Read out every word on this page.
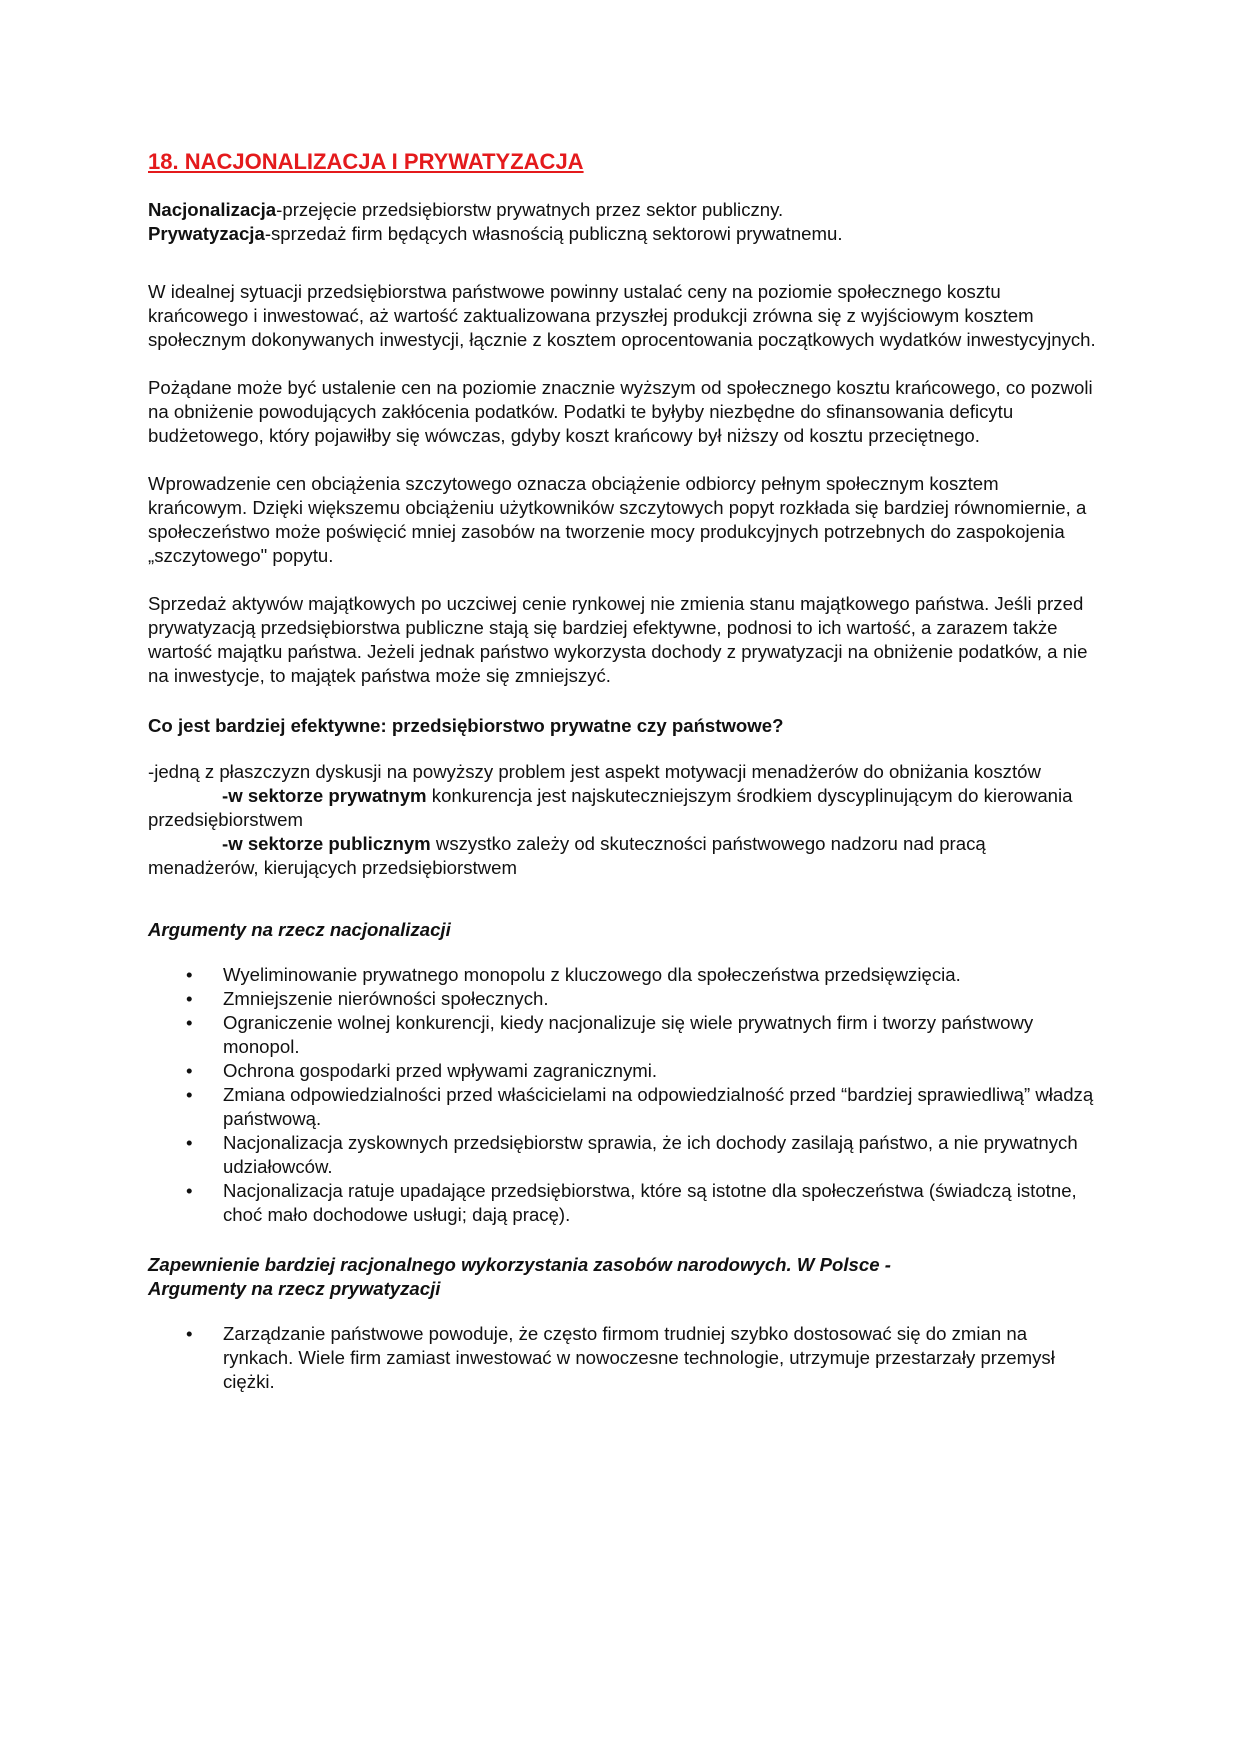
18. NACJONALIZACJA I PRYWATYZACJA

Nacjonalizacja-przejęcie przedsiębiorstw prywatnych przez sektor publiczny.

Prywatyzacja-sprzedaż firm będących własnością publiczną sektorowi prywatnemu.

W idealnej sytuacji przedsiębiorstwa państwowe powinny ustalać ceny na poziomie społecznego kosztu krańcowego i inwestować, aż wartość zaktualizowana przyszłej produkcji zrówna się z wyjściowym kosztem społecznym dokonywanych inwestycji, łącznie z kosztem oprocentowania początkowych wydatków inwestycyjnych.

Pożądane może być ustalenie cen na poziomie znacznie wyższym od społecznego kosztu krańcowego, co pozwoli na obniżenie powodujących zakłócenia podatków. Podatki te byłyby niezbędne do sfinansowania deficytu budżetowego, który pojawiłby się wówczas, gdyby koszt krańcowy był niższy od kosztu przeciętnego.

Wprowadzenie cen obciążenia szczytowego oznacza obciążenie odbiorcy pełnym społecznym kosztem krańcowym. Dzięki większemu obciążeniu użytkowników szczytowych popyt rozkłada się bardziej równomiernie, a społeczeństwo może poświęcić mniej zasobów na tworzenie mocy produkcyjnych potrzebnych do zaspokojenia „szczytowego" popytu.

Sprzedaż aktywów majątkowych po uczciwej cenie rynkowej nie zmienia stanu majątkowego państwa. Jeśli przed prywatyzacją przedsiębiorstwa publiczne stają się bardziej efektywne, podnosi to ich wartość, a zarazem także wartość majątku państwa. Jeżeli jednak państwo wykorzysta dochody z prywatyzacji na obniżenie podatków, a nie na inwestycje, to majątek państwa może się zmniejszyć.

Co jest bardziej efektywne: przedsiębiorstwo prywatne czy państwowe?

-jedną z płaszczyzn dyskusji na powyższy problem jest aspekt motywacji menadżerów do obniżania kosztów

-w sektorze prywatnym konkurencja jest najskuteczniejszym środkiem dyscyplinującym do kierowania przedsiębiorstwem

-w sektorze publicznym wszystko zależy od skuteczności państwowego nadzoru nad pracą menadżerów, kierujących przedsiębiorstwem

Argumenty na rzecz nacjonalizacji

• Wyeliminowanie prywatnego monopolu z kluczowego dla społeczeństwa przedsięwzięcia.
• Zmniejszenie nierówności społecznych.
• Ograniczenie wolnej konkurencji, kiedy nacjonalizuje się wiele prywatnych firm i tworzy państwowy monopol.
• Ochrona gospodarki przed wpływami zagranicznymi.
• Zmiana odpowiedzialności przed właścicielami na odpowiedzialność przed “bardziej sprawiedliwą” władzą państwową.
• Nacjonalizacja zyskownych przedsiębiorstw sprawia, że ich dochody zasilają państwo, a nie prywatnych udziałowców.
• Nacjonalizacja ratuje upadające przedsiębiorstwa, które są istotne dla społeczeństwa (świadczą istotne, choć mało dochodowe usługi; dają pracę).

Zapewnienie bardziej racjonalnego wykorzystania zasobów narodowych. W Polsce -
Argumenty na rzecz prywatyzacji

• Zarządzanie państwowe powoduje, że często firmom trudniej szybko dostosować się do zmian na rynkach. Wiele firm zamiast inwestować w nowoczesne technologie, utrzymuje przestarzały przemysł ciężki.
